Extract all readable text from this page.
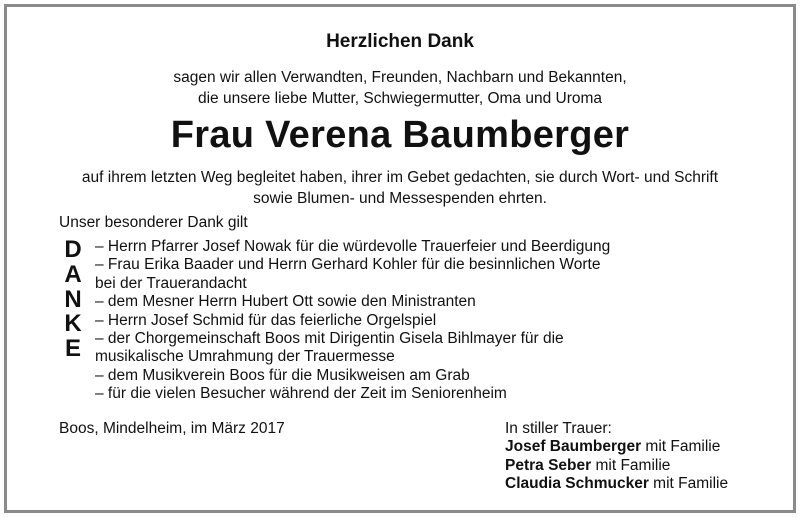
Herzlichen Dank
sagen wir allen Verwandten, Freunden, Nachbarn und Bekannten,
die unsere liebe Mutter, Schwiegermutter, Oma und Uroma
Frau Verena Baumberger
auf ihrem letzten Weg begleitet haben, ihrer im Gebet gedachten, sie durch Wort- und Schrift
sowie Blumen- und Messespenden ehrten.
Unser besonderer Dank gilt
D
A
N
K
E
– Herrn Pfarrer Josef Nowak für die würdevolle Trauerfeier und Beerdigung
– Frau Erika Baader und Herrn Gerhard Kohler für die besinnlichen Worte
bei der Trauerandacht
– dem Mesner Herrn Hubert Ott sowie den Ministranten
– Herrn Josef Schmid für das feierliche Orgelspiel
– der Chorgemeinschaft Boos mit Dirigentin Gisela Bihlmayer für die
musikalische Umrahmung der Trauermesse
– dem Musikverein Boos für die Musikweisen am Grab
– für die vielen Besucher während der Zeit im Seniorenheim
Boos, Mindelheim, im März 2017	In stiller Trauer:
Josef Baumberger mit Familie
Petra Seber mit Familie
Claudia Schmucker mit Familie
